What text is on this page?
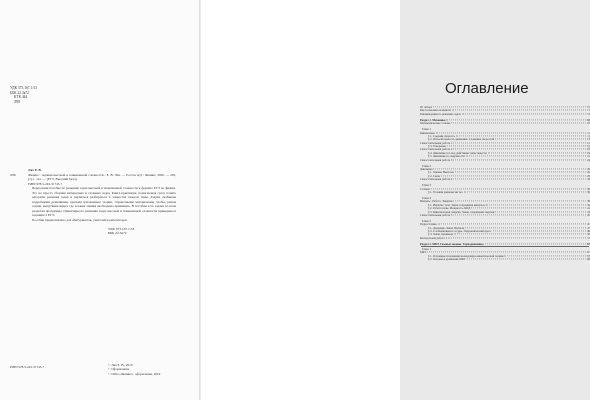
УДК 373.167.1:53
ББК 22.3я72
КТК 444
Л98
Лях Е. В.
Л98	Физика : задания высокой и повышенной сложности / Е. В. Лях. — Ростов н/Д : Феникс, 2020. — 205, [1] с. : ил. — (ЕГЭ. Высокий балл).
ISBN 978-5-222-31745-7
Перед вами пособие по решению задач высокой и повышенной сложности в формате ЕГЭ по физике. Это не просто сборник интересных и сложных задач. Книга-практикум, помогающая сразу понять алгоритм решения задач и научиться разбираться в тонкостях каждой темы. Задачи снабжены подробными решениями, кратким изложением теории, справочными материалами, чтобы, решая задачи, выпускник видел, где и какие знания необходимо применить. В пособии есть задачи по всем разделам программы. Ориентиры по решению задач высокой и повышенной сложности приведены в заданиях 2 ЕГЭ.
Пособие предназначено для абитуриентов, учителей и репетиторов.
УДК 373.167.1:53
ББК 22.3я72
ISBN 978-5-222-31745-7	© Лях Е. В., 2019
© Оформление
© ООО «Феникс», оформление, 2019
Оглавление
От автора	6
Как пользоваться книгой	7
Рекомендации по решению задач	9
Раздел 1. Механика	10
Математические основы	10
Глава 1
Кинематика	11
§ 1. Средняя скорость	11
§ 2. Относительность движения. Сложение скоростей	13
Самостоятельная работа 1	15
§ 3. Ускорение	16
Самостоятельная работа 2	18
§ 4. Движение тел под действием силы тяжести	19
§ 5. Движение по окружности	21
Самостоятельная работа 3	24
Глава 2
Динамика	26
§ 1. Законы Ньютона	26
§ 2. Силы	29
Самостоятельная работа 4	34
Глава 3
Статика	36
§ 1. Условия равновесия тел	36
Глава 4
Импульс. Работа. Энергия	39
§ 1. Импульс тела. Закон сохранения импульса	39
§ 2. Работа силы. Мощность. КПД	41
§ 3. Кинетическая энергия. Закон сохранения энергии	43
Самостоятельная работа 5	45
Глава 5
Гидростатика	47
§ 1. Давление. Закон Паскаля	47
§ 2. Сообщающиеся сосуды. Гидравлический пресс	49
§ 3. Закон Архимеда	50
Контрольная работа 1	51
Раздел 2. МКТ. Газовые законы. Термодинамика	67
Глава 1
МКТ	67
§ 1. Основные положения молекулярно-кинетической теории	67
§ 2. Основное уравнение МКТ	68
